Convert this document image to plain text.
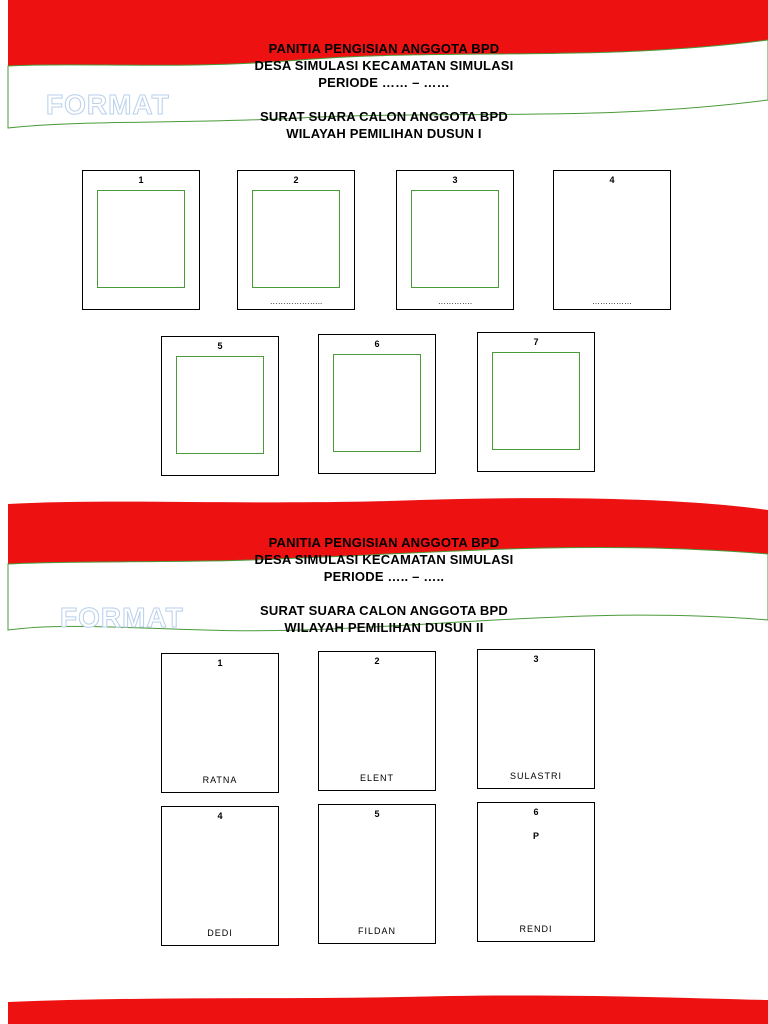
FORMAT
PANITIA PENGISIAN ANGGOTA BPD
DESA SIMULASI KECAMATAN SIMULASI
PERIODE …… – ……
SURAT SUARA CALON ANGGOTA BPD
WILAYAH PEMILIHAN DUSUN I
1	2
………………..
3
………….
4
……………
5	6	7
FORMAT
PANITIA PENGISIAN ANGGOTA BPD
DESA SIMULASI KECAMATAN SIMULASI
PERIODE ….. – …..
SURAT SUARA CALON ANGGOTA BPD
WILAYAH PEMILIHAN DUSUN II
1
RATNA
2
ELENT
3
SULASTRI
4
DEDI
5
FILDAN
6
P
RENDI
